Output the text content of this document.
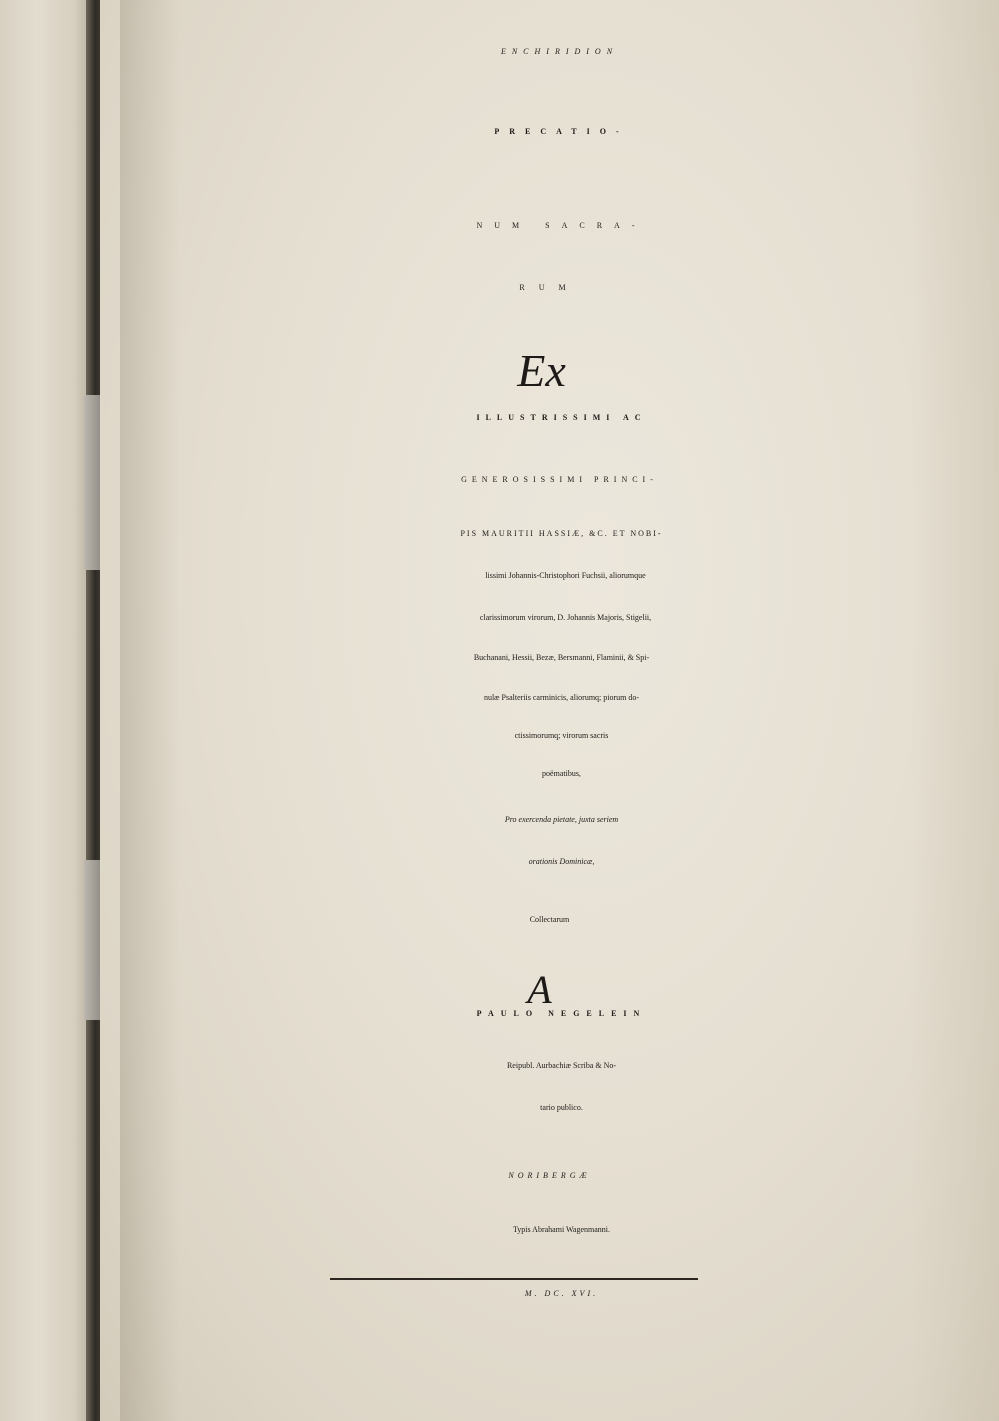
ENCHIRIDION
PRECATIO-
NUM SACRA-
RUM
Ex
ILLUSTRISSIMI AC
GENEROSISSIMI PRINCI-
PIS MAURITII HASSIÆ, &C. ET NOBI-
lissimi Johannis-Christophori Fuchsii, aliorumque
clarissimorum virorum, D. Johannis Majoris, Stigelii,
Buchanani, Hessii, Bezæ, Bersmanni, Flaminii, & Spi-
nulæ Psalteriis carminicis, aliorumq; piorum do-
ctissimorumq; virorum sacris
poëmatibus,
Pro exercenda pietate, juxta seriem
orationis Dominicæ,
Collectarum
A
PAULO NEGELEIN
Reipubl. Aurbachiæ Scriba & No-
tario publico.
NORIBERGÆ
Typis Abrahami Wagenmanni.
M. DC. XVI.
